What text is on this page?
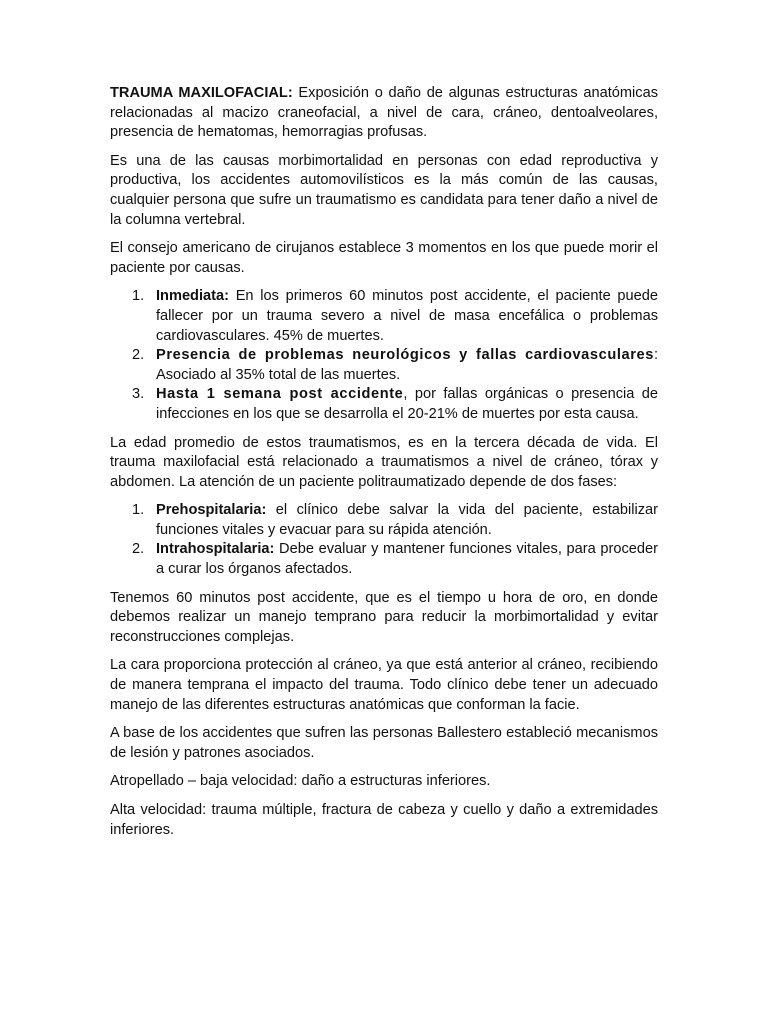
TRAUMA MAXILOFACIAL: Exposición o daño de algunas estructuras anatómicas relacionadas al macizo craneofacial, a nivel de cara, cráneo, dentoalveolares, presencia de hematomas, hemorragias profusas.

Es una de las causas morbimortalidad en personas con edad reproductiva y productiva, los accidentes automovilísticos es la más común de las causas, cualquier persona que sufre un traumatismo es candidata para tener daño a nivel de la columna vertebral.

El consejo americano de cirujanos establece 3 momentos en los que puede morir el paciente por causas.

1. Inmediata: En los primeros 60 minutos post accidente, el paciente puede fallecer por un trauma severo a nivel de masa encefálica o problemas cardiovasculares. 45% de muertes.
2. Presencia de problemas neurológicos y fallas cardiovasculares: Asociado al 35% total de las muertes.
3. Hasta 1 semana post accidente, por fallas orgánicas o presencia de infecciones en los que se desarrolla el 20-21% de muertes por esta causa.

La edad promedio de estos traumatismos, es en la tercera década de vida. El trauma maxilofacial está relacionado a traumatismos a nivel de cráneo, tórax y abdomen. La atención de un paciente politraumatizado depende de dos fases:

1. Prehospitalaria: el clínico debe salvar la vida del paciente, estabilizar funciones vitales y evacuar para su rápida atención.
2. Intrahospitalaria: Debe evaluar y mantener funciones vitales, para proceder a curar los órganos afectados.

Tenemos 60 minutos post accidente, que es el tiempo u hora de oro, en donde debemos realizar un manejo temprano para reducir la morbimortalidad y evitar reconstrucciones complejas.

La cara proporciona protección al cráneo, ya que está anterior al cráneo, recibiendo de manera temprana el impacto del trauma. Todo clínico debe tener un adecuado manejo de las diferentes estructuras anatómicas que conforman la facie.

A base de los accidentes que sufren las personas Ballestero estableció mecanismos de lesión y patrones asociados.

Atropellado – baja velocidad: daño a estructuras inferiores.

Alta velocidad: trauma múltiple, fractura de cabeza y cuello y daño a extremidades inferiores.
